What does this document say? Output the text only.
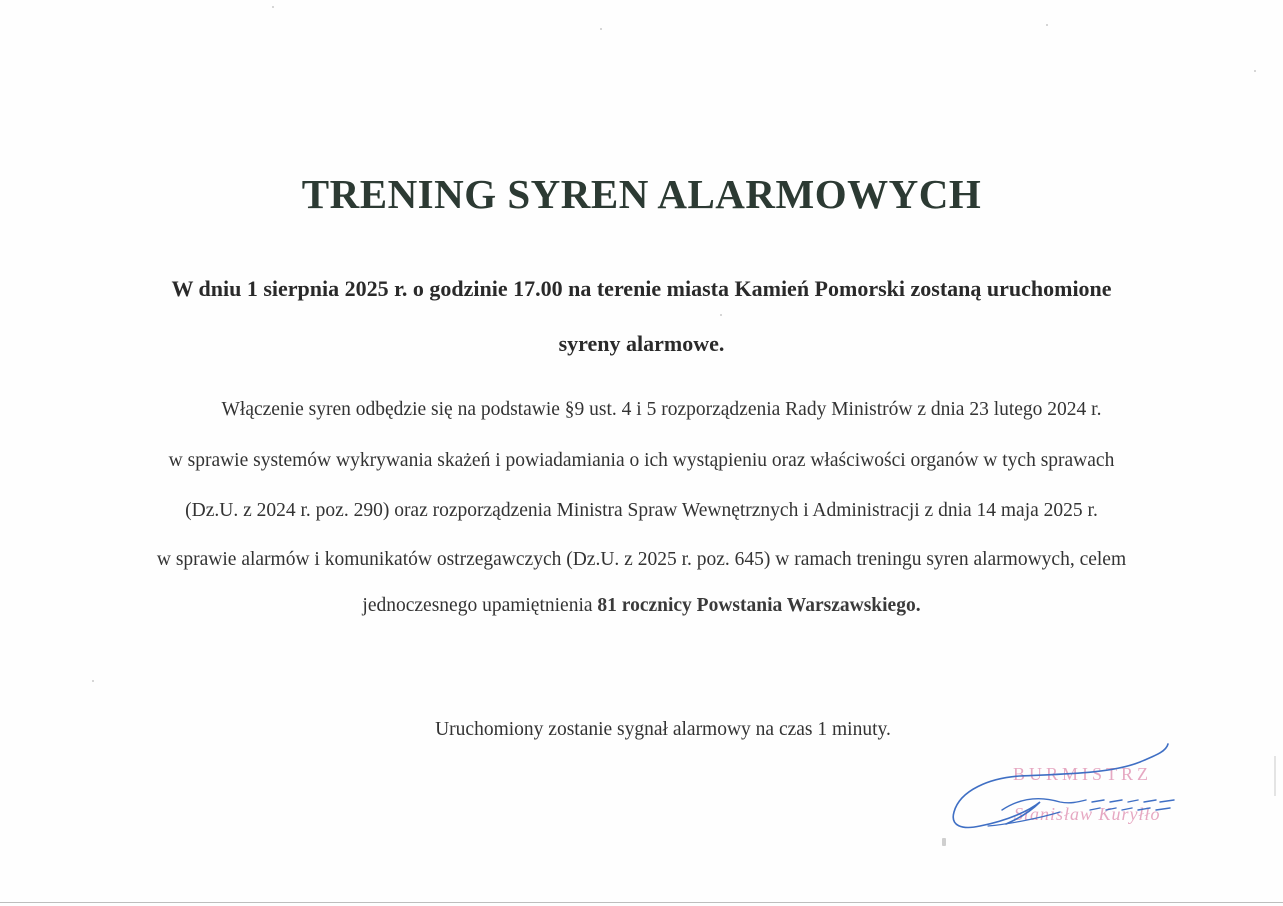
TRENING SYREN ALARMOWYCH
W dniu 1 sierpnia 2025 r. o godzinie 17.00 na terenie miasta Kamień Pomorski zostaną uruchomione
syreny alarmowe.
Włączenie syren odbędzie się na podstawie §9 ust. 4 i 5 rozporządzenia Rady Ministrów z dnia 23 lutego 2024 r.
w sprawie systemów wykrywania skażeń i powiadamiania o ich wystąpieniu oraz właściwości organów w tych sprawach
(Dz.U. z 2024 r. poz. 290) oraz rozporządzenia Ministra Spraw Wewnętrznych i Administracji z dnia 14 maja 2025 r.
w sprawie alarmów i komunikatów ostrzegawczych (Dz.U. z 2025 r. poz. 645) w ramach treningu syren alarmowych, celem
jednoczesnego upamiętnienia 81 rocznicy Powstania Warszawskiego.
Uruchomiony zostanie sygnał alarmowy na czas 1 minuty.
BURMISTRZ
Stanisław Kuryłło
